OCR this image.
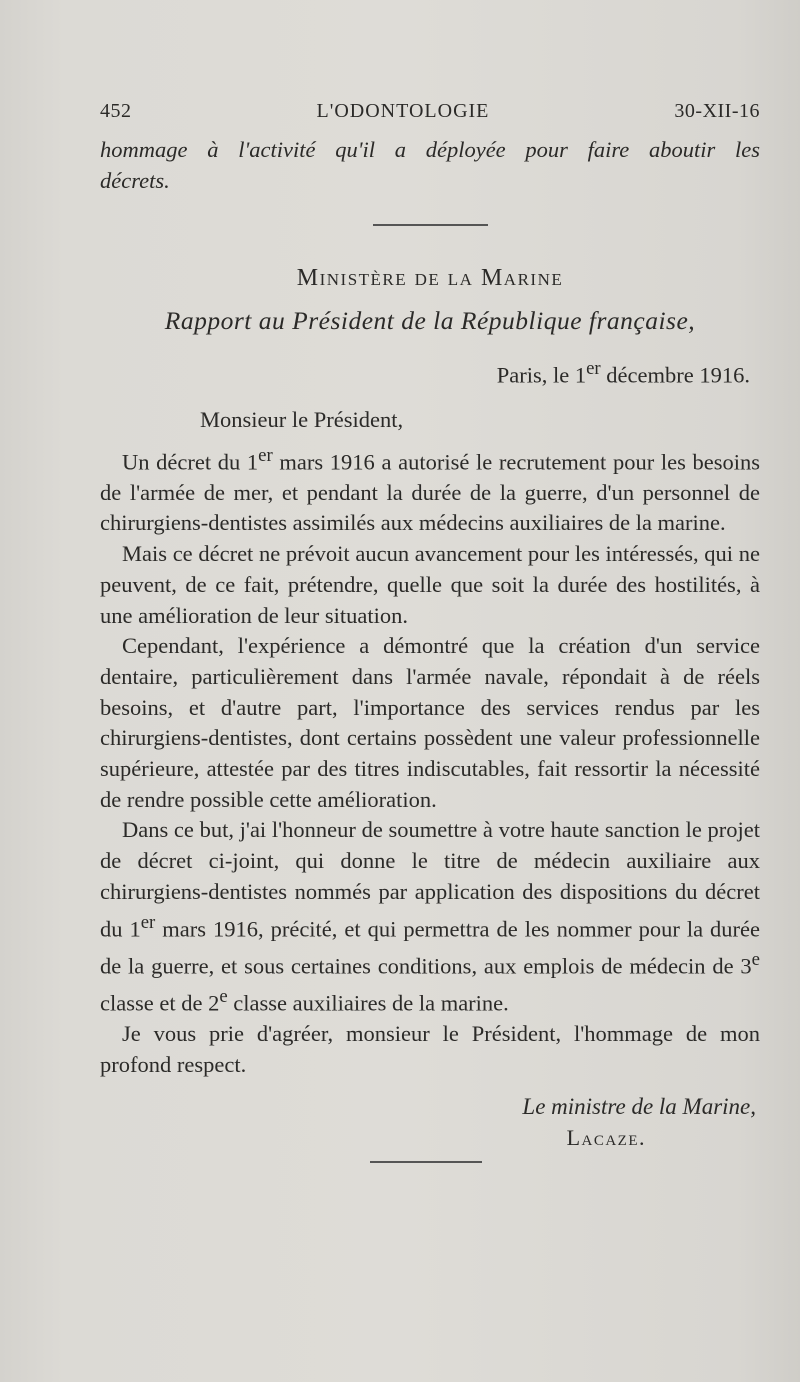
452	L'ODONTOLOGIE	30-XII-16
hommage à l'activité qu'il a déployée pour faire aboutir les décrets.
Ministère de la Marine
Rapport au Président de la République française,
Paris, le 1er décembre 1916.
Monsieur le Président,

Un décret du 1er mars 1916 a autorisé le recrutement pour les besoins de l'armée de mer, et pendant la durée de la guerre, d'un personnel de chirurgiens-dentistes assimilés aux médecins auxiliaires de la marine.

Mais ce décret ne prévoit aucun avancement pour les intéressés, qui ne peuvent, de ce fait, prétendre, quelle que soit la durée des hostilités, à une amélioration de leur situation.

Cependant, l'expérience a démontré que la création d'un service dentaire, particulièrement dans l'armée navale, répondait à de réels besoins, et d'autre part, l'importance des services rendus par les chirurgiens-dentistes, dont certains possèdent une valeur professionnelle supérieure, attestée par des titres indiscutables, fait ressortir la nécessité de rendre possible cette amélioration.

Dans ce but, j'ai l'honneur de soumettre à votre haute sanction le projet de décret ci-joint, qui donne le titre de médecin auxiliaire aux chirurgiens-dentistes nommés par application des dispositions du décret du 1er mars 1916, précité, et qui permettra de les nommer pour la durée de la guerre, et sous certaines conditions, aux emplois de médecin de 3e classe et de 2e classe auxiliaires de la marine.

Je vous prie d'agréer, monsieur le Président, l'hommage de mon profond respect.

Le ministre de la Marine,
Lacaze.
